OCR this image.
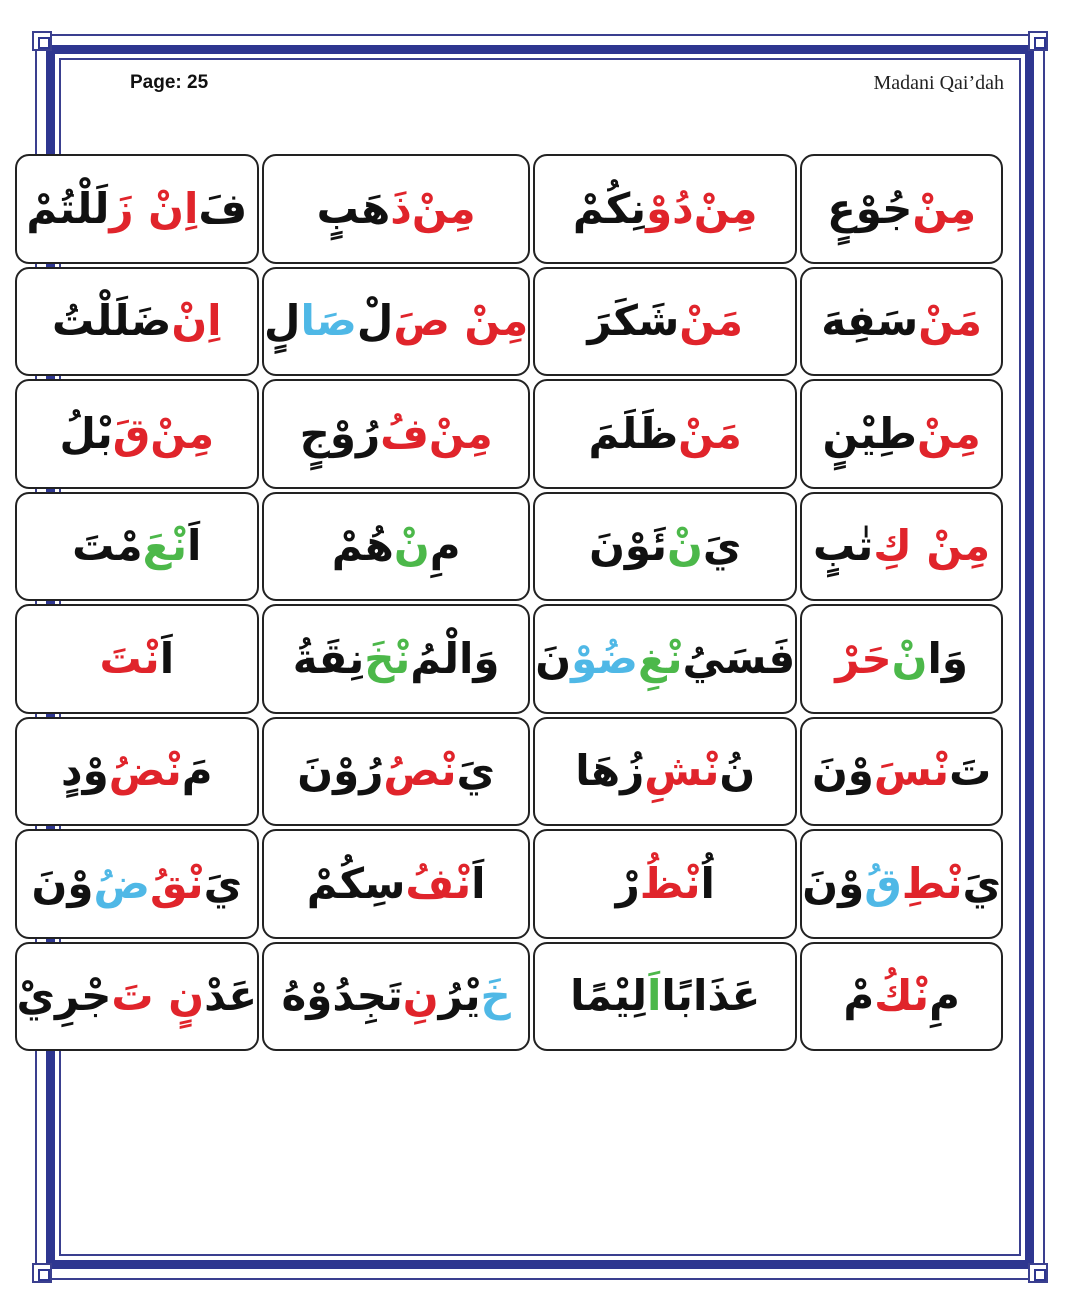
Page: 25	Madani Qai’dah
مِنْ
جُوْعٍ
مِنْ
دُوْ
نِكُمْ
مِنْ
ذَ
هَبٍ
فَ
اِنْ زَ
لَلْتُمْ
مَنْ
سَفِهَ
مَنْ
شَكَرَ
مِنْ صَ
لْ
صَا
لٍ
اِنْ
ضَلَلْتُ
مِنْ
طِيْنٍ
مَنْ
ظَلَمَ
مِنْ
فُ
رُوْجٍ
مِنْ
قَ
بْلُ
مِنْ كِ
تٰبٍ
يَ
نْ
ئَوْنَ
مِ
نْ
هُمْ
اَ
نْعَ
مْتَ
وَا
نْ
حَرْ
فَسَيُ
نْغِ
ضُوْ
نَ
وَالْمُ
نْخَ
نِقَةُ
اَ
نْتَ
تَ
نْسَ
وْنَ
نُ
نْشِ
زُهَا
يَ
نْصُ
رُوْنَ
مَ
نْضُ
وْدٍ
يَ
نْطِ
قُ
وْنَ
اُ
نْظُ
رْ
اَ
نْفُ
سِكُمْ
يَ
نْقُ
ضُ
وْنَ
مِ
نْكُ
مْ
عَذَابًا
اَ
لِيْمًا
خَ
يْرُ
نِ
تَجِدُوْهُ
عَدْ
نٍ تَ
جْرِيْ
